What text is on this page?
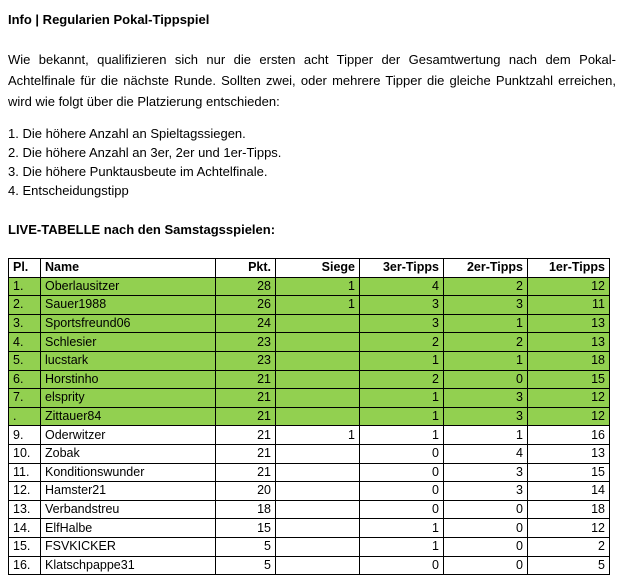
Info | Regularien Pokal-Tippspiel
Wie bekannt, qualifizieren sich nur die ersten acht Tipper der Gesamtwertung nach dem Pokal-Achtelfinale für die nächste Runde. Sollten zwei, oder mehrere Tipper die gleiche Punktzahl erreichen, wird wie folgt über die Platzierung entschieden:
1. Die höhere Anzahl an Spieltagssiegen.
2. Die höhere Anzahl an 3er, 2er und 1er-Tipps.
3. Die höhere Punktausbeute im Achtelfinale.
4. Entscheidungstipp
LIVE-TABELLE nach den Samstagsspielen:
Pl.	Name	Pkt.	Siege	3er-Tipps	2er-Tipps	1er-Tipps
1.	Oberlausitzer	28	1	4	2	12
2.	Sauer1988	26	1	3	3	11
3.	Sportsfreund06	24		3	1	13
4.	Schlesier	23		2	2	13
5.	lucstark	23		1	1	18
6.	Horstinho	21		2	0	15
7.	elsprity	21		1	3	12
.	Zittauer84	21		1	3	12
9.	Oderwitzer	21	1	1	1	16
10.	Zobak	21		0	4	13
11.	Konditionswunder	21		0	3	15
12.	Hamster21	20		0	3	14
13.	Verbandstreu	18		0	0	18
14.	ElfHalbe	15		1	0	12
15.	FSVKICKER	5		1	0	2
16.	Klatschpappe31	5		0	0	5
